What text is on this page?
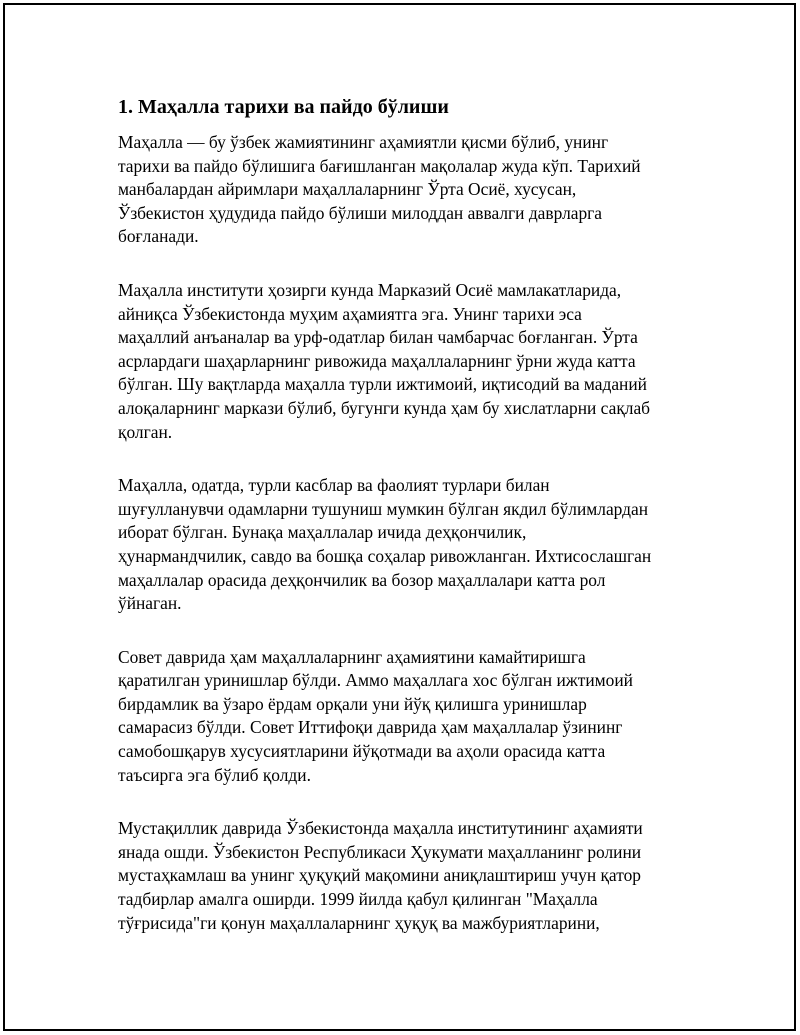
1. Маҳалла тарихи ва пайдо бўлиши

Маҳалла — бу ўзбек жамиятининг аҳамиятли қисми бўлиб, унинг
тарихи ва пайдо бўлишига бағишланган мақолалар жуда кўп. Тарихий
манбалардан айримлари маҳаллаларнинг Ўрта Осиё, хусусан,
Ўзбекистон ҳудудида пайдо бўлиши милоддан аввалги даврларга
боғланади.

Маҳалла институти ҳозирги кунда Марказий Осиё мамлакатларида,
айниқса Ўзбекистонда муҳим аҳамиятга эга. Унинг тарихи эса
маҳаллий анъаналар ва урф-одатлар билан чамбарчас боғланган. Ўрта
асрлардаги шаҳарларнинг ривожида маҳаллаларнинг ўрни жуда катта
бўлган. Шу вақтларда маҳалла турли ижтимоий, иқтисодий ва маданий
алоқаларнинг маркази бўлиб, бугунги кунда ҳам бу хислатларни сақлаб
қолган.

Маҳалла, одатда, турли касблар ва фаолият турлари билан
шуғулланувчи одамларни тушуниш мумкин бўлган якдил бўлимлардан
иборат бўлган. Бунақа маҳаллалар ичида деҳқончилик,
ҳунармандчилик, савдо ва бошқа соҳалар ривожланган. Ихтисослашган
маҳаллалар орасида деҳқончилик ва бозор маҳаллалари катта рол
ўйнаган.

Совет даврида ҳам маҳаллаларнинг аҳамиятини камайтиришга
қаратилган уринишлар бўлди. Аммо маҳаллага хос бўлган ижтимоий
бирдамлик ва ўзаро ёрдам орқали уни йўқ қилишга уринишлар
самарасиз бўлди. Совет Иттифоқи даврида ҳам маҳаллалар ўзининг
самобошқарув хусусиятларини йўқотмади ва аҳоли орасида катта
таъсирга эга бўлиб қолди.

Мустақиллик даврида Ўзбекистонда маҳалла институтининг аҳамияти
янада ошди. Ўзбекистон Республикаси Ҳукумати маҳалланинг ролини
мустаҳкамлаш ва унинг ҳуқуқий мақомини аниқлаштириш учун қатор
тадбирлар амалга оширди. 1999 йилда қабул қилинган "Маҳалла
тўғрисида"ги қонун маҳаллаларнинг ҳуқуқ ва мажбуриятларини,
